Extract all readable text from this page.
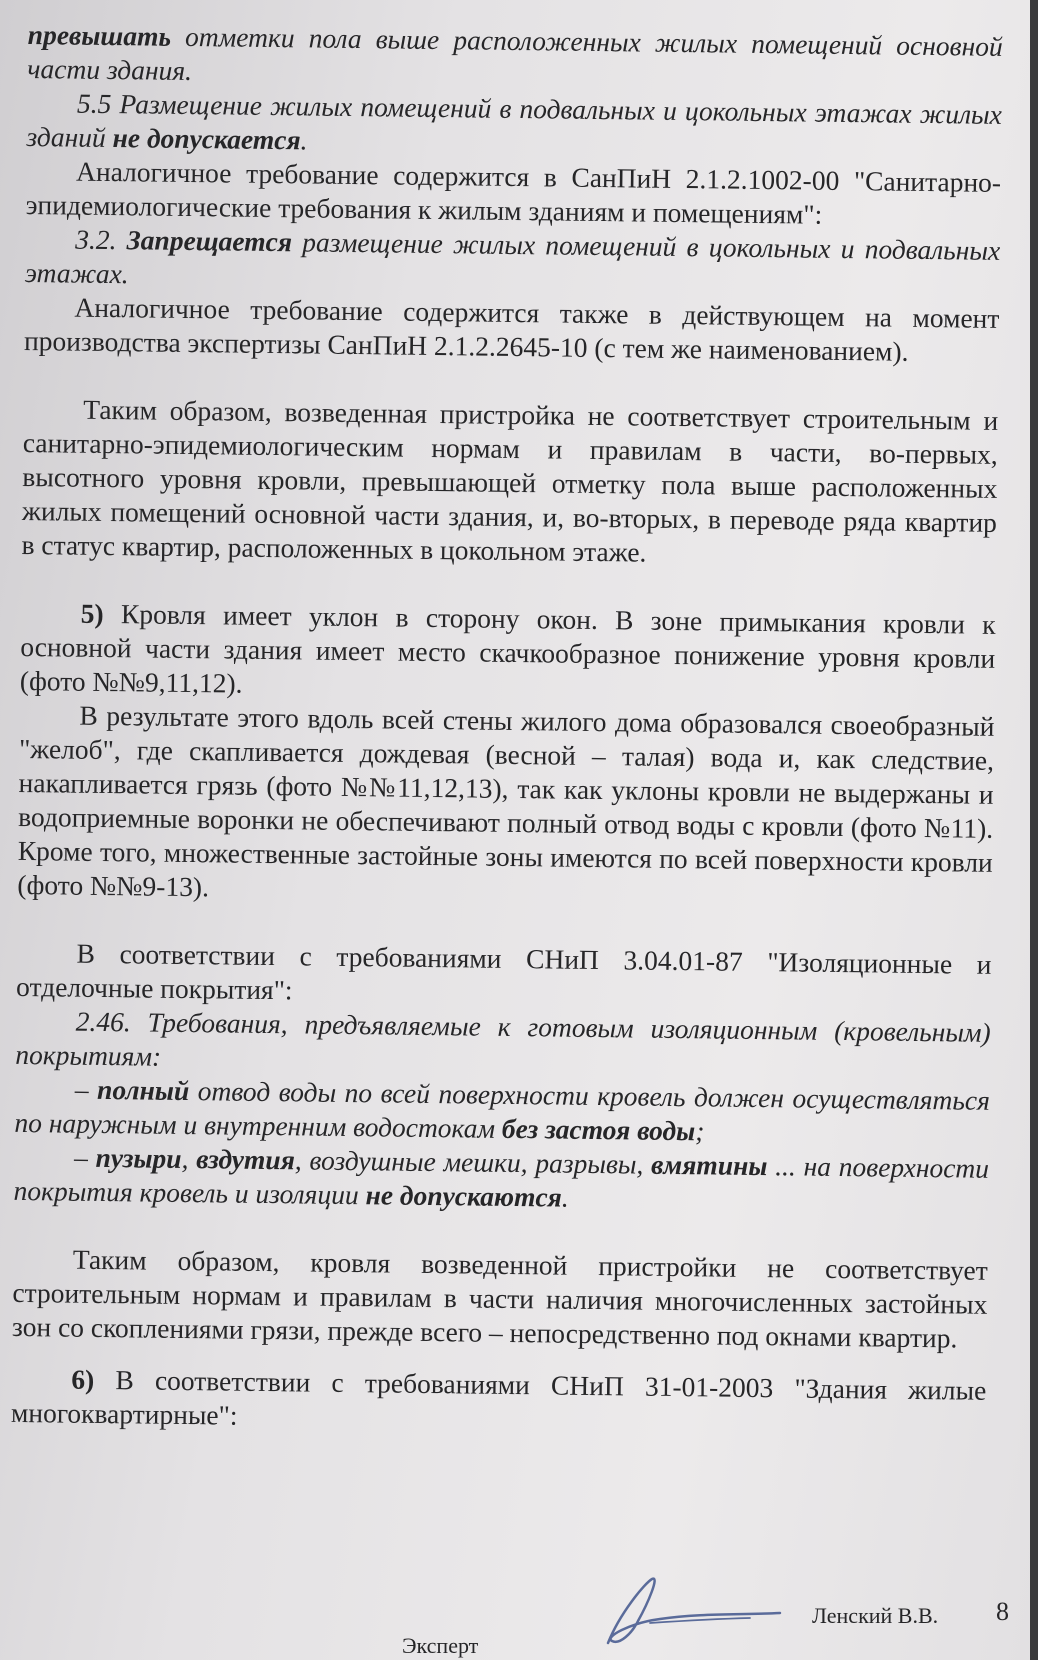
превышать отметки пола выше расположенных жилых помещений основной части здания.

5.5 Размещение жилых помещений в подвальных и цокольных этажах жилых зданий не допускается.

Аналогичное требование содержится в СанПиН 2.1.2.1002-00 "Санитарно-эпидемиологические требования к жилым зданиям и помещениям":

3.2. Запрещается размещение жилых помещений в цокольных и подвальных этажах.

Аналогичное требование содержится также в действующем на момент производства экспертизы СанПиН 2.1.2.2645-10 (с тем же наименованием).

Таким образом, возведенная пристройка не соответствует строительным и санитарно-эпидемиологическим нормам и правилам в части, во-первых, высотного уровня кровли, превышающей отметку пола выше расположенных жилых помещений основной части здания, и, во-вторых, в переводе ряда квартир в статус квартир, расположенных в цокольном этаже.

5) Кровля имеет уклон в сторону окон. В зоне примыкания кровли к основной части здания имеет место скачкообразное понижение уровня кровли (фото №№9,11,12).

В результате этого вдоль всей стены жилого дома образовался своеобразный "желоб", где скапливается дождевая (весной – талая) вода и, как следствие, накапливается грязь (фото №№11,12,13), так как уклоны кровли не выдержаны и водоприемные воронки не обеспечивают полный отвод воды с кровли (фото №11). Кроме того, множественные застойные зоны имеются по всей поверхности кровли (фото №№9-13).

В соответствии с требованиями СНиП 3.04.01-87 "Изоляционные и отделочные покрытия":

2.46. Требования, предъявляемые к готовым изоляционным (кровельным) покрытиям:

– полный отвод воды по всей поверхности кровель должен осуществляться по наружным и внутренним водостокам без застоя воды;

– пузыри, вздутия, воздушные мешки, разрывы, вмятины ... на поверхности покрытия кровель и изоляции не допускаются.

Таким образом, кровля возведенной пристройки не соответствует строительным нормам и правилам в части наличия многочисленных застойных зон со скоплениями грязи, прежде всего – непосредственно под окнами квартир.

6) В соответствии с требованиями СНиП 31-01-2003 "Здания жилые многоквартирные":

Эксперт
Ленский В.В. 8
